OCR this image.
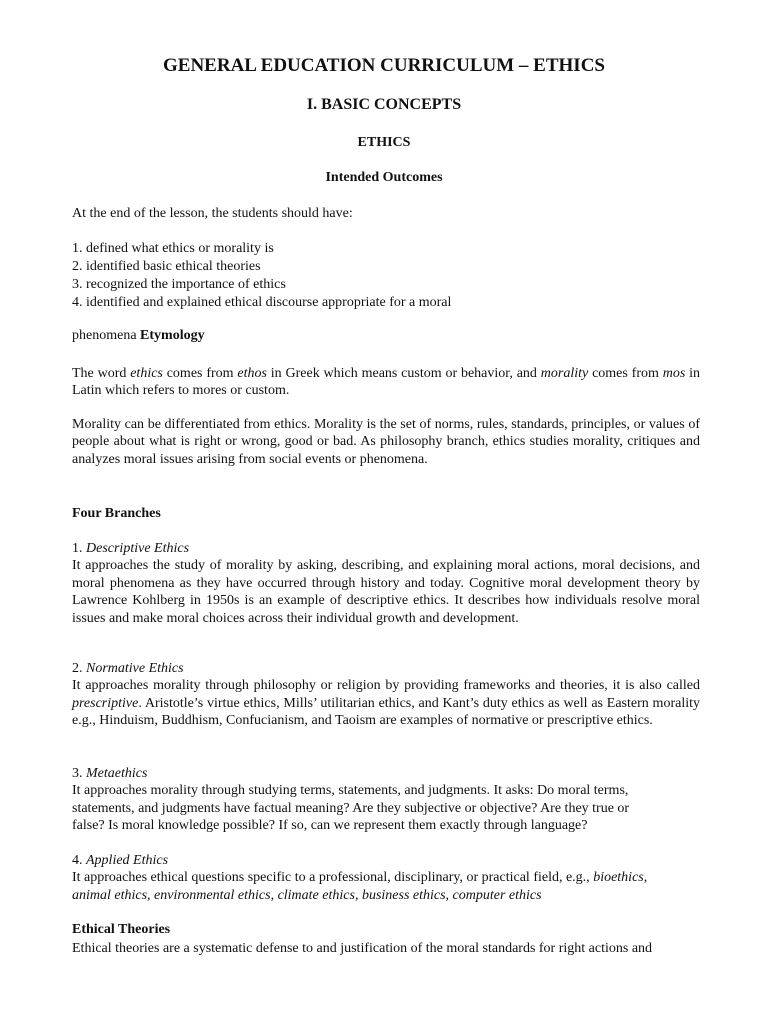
GENERAL EDUCATION CURRICULUM – ETHICS
I. BASIC CONCEPTS
ETHICS
Intended Outcomes

At the end of the lesson, the students should have:

1. defined what ethics or morality is
2. identified basic ethical theories
3. recognized the importance of ethics
4. identified and explained ethical discourse appropriate for a moral

phenomena Etymology

The word ethics comes from ethos in Greek which means custom or behavior, and morality comes from mos in Latin which refers to mores or custom.

Morality can be differentiated from ethics. Morality is the set of norms, rules, standards, principles, or values of people about what is right or wrong, good or bad. As philosophy branch, ethics studies morality, critiques and analyzes moral issues arising from social events or phenomena.

Four Branches
1. Descriptive Ethics
It approaches the study of morality by asking, describing, and explaining moral actions, moral decisions, and moral phenomena as they have occurred through history and today. Cognitive moral development theory by Lawrence Kohlberg in 1950s is an example of descriptive ethics. It describes how individuals resolve moral issues and make moral choices across their individual growth and development.
2. Normative Ethics
It approaches morality through philosophy or religion by providing frameworks and theories, it is also called prescriptive. Aristotle’s virtue ethics, Mills’ utilitarian ethics, and Kant’s duty ethics as well as Eastern morality e.g., Hinduism, Buddhism, Confucianism, and Taoism are examples of normative or prescriptive ethics.
3. Metaethics
It approaches morality through studying terms, statements, and judgments. It asks: Do moral terms,
statements, and judgments have factual meaning? Are they subjective or objective? Are they true or
false? Is moral knowledge possible? If so, can we represent them exactly through language?
4. Applied Ethics
It approaches ethical questions specific to a professional, disciplinary, or practical field, e.g., bioethics,
animal ethics, environmental ethics, climate ethics, business ethics, computer ethics
Ethical Theories

Ethical theories are a systematic defense to and justification of the moral standards for right actions and
